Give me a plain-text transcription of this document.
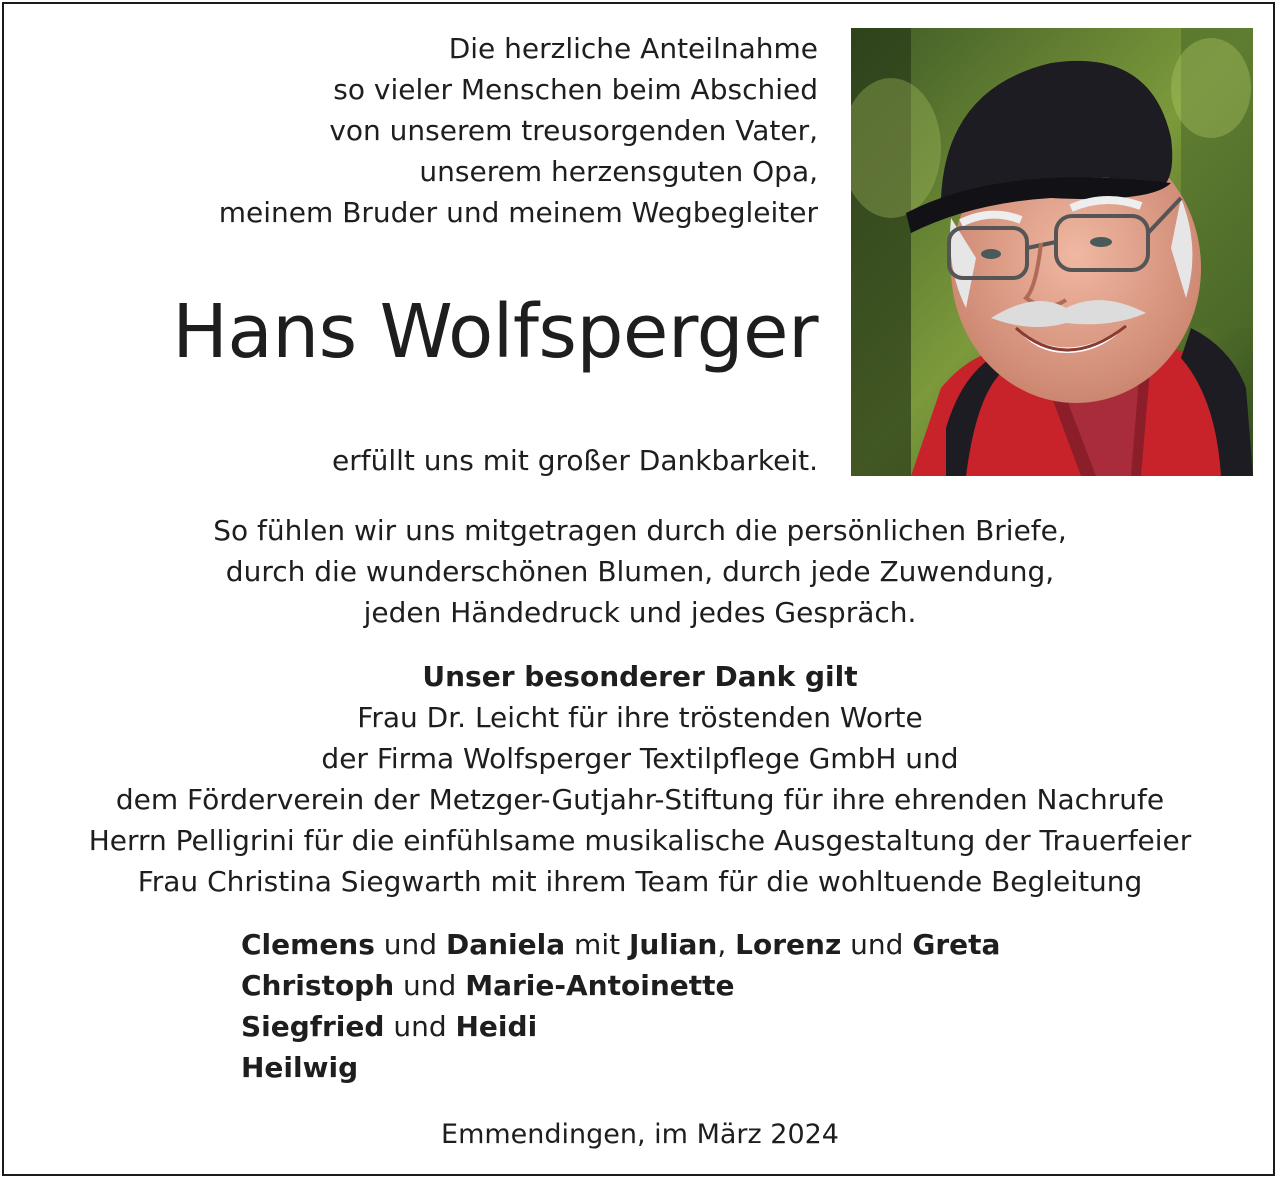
Die herzliche Anteilnahme
so vieler Menschen beim Abschied
von unserem treusorgenden Vater,
unserem herzensguten Opa,
meinem Bruder und meinem Wegbegleiter
Hans Wolfsperger
erfüllt uns mit großer Dankbarkeit.
So fühlen wir uns mitgetragen durch die persönlichen Briefe,
durch die wunderschönen Blumen, durch jede Zuwendung,
jeden Händedruck und jedes Gespräch.
Unser besonderer Dank gilt
Frau Dr. Leicht für ihre tröstenden Worte
der Firma Wolfsperger Textilpflege GmbH und
dem Förderverein der Metzger-Gutjahr-Stiftung für ihre ehrenden Nachrufe
Herrn Pelligrini für die einfühlsame musikalische Ausgestaltung der Trauerfeier
Frau Christina Siegwarth mit ihrem Team für die wohltuende Begleitung
Clemens und Daniela mit Julian, Lorenz und Greta
Christoph und Marie-Antoinette
Siegfried und Heidi
Heilwig
Emmendingen, im März 2024
